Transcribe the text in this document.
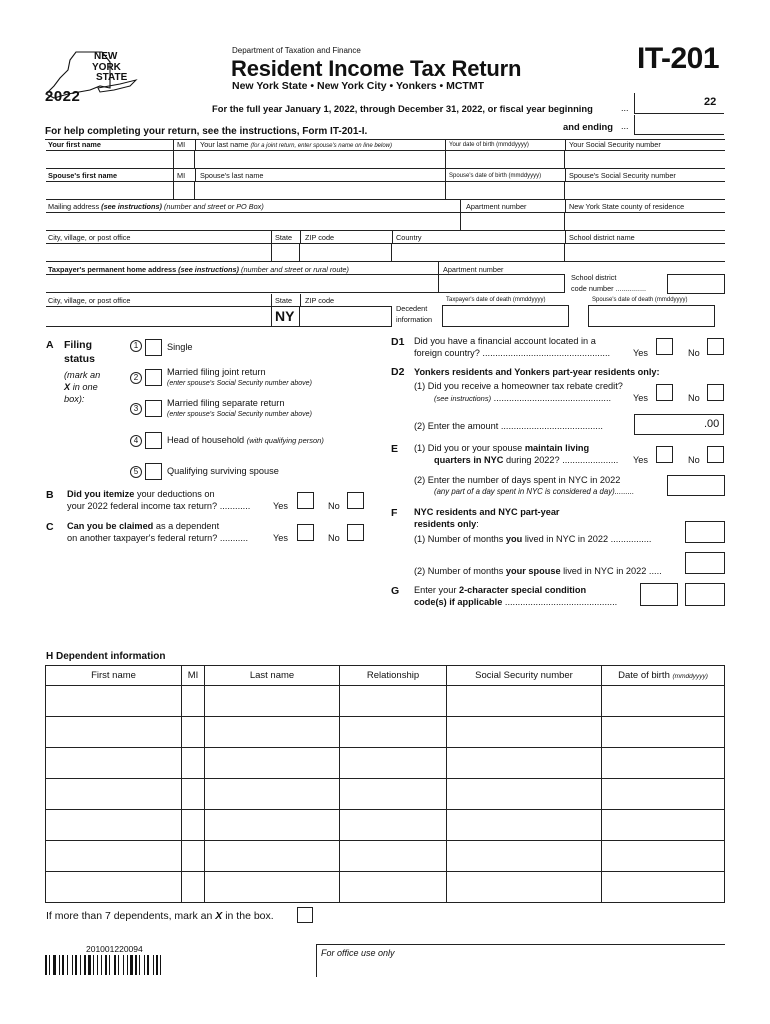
NEW
YORK
STATE
2022
Department of Taxation and Finance
Resident Income Tax Return
New York State • New York City • Yonkers • MCTMT
IT-201
For the full year January 1, 2022, through December 31, 2022, or fiscal year beginning	...	22
and ending ...
For help completing your return, see the instructions, Form IT-201-I.
Your first name	MI Your last name (for a joint return, enter spouse's name on line below)	Your date of birth (mmddyyyy)	Your Social Security number
Spouse's first name	MI Spouse's last name	Spouse's date of birth (mmddyyyy)	Spouse's Social Security number
Mailing address (see instructions) (number and street or PO Box)	Apartment number	New York State county of residence
City, village, or post office	State ZIP code	Country	School district name
Taxpayer's permanent home address (see instructions) (number and street or rural route)	Apartment number
School district
code number ...............
City, village, or post office	State ZIP code
NY	Decedent
information
Taxpayer's date of death (mmddyyyy)	Spouse's date of death (mmddyyyy)
A Filing
status
(mark an
X in one
box):
1	Single
2
Married filing joint return
(enter spouse's Social Security number above)
3
Married filing separate return
(enter spouse's Social Security number above)
4	Head of household (with qualifying person)
5	Qualifying surviving spouse
B Did you itemize your deductions on
your 2022 federal income tax return? ............ Yes	No
C Can you be claimed as a dependent
on another taxpayer's federal return? ...........	Yes	No
D1 Did you have a financial account located in a
foreign country? .................................................. Yes	No
D2 Yonkers residents and Yonkers part-year residents only:
(1) Did you receive a homeowner tax rebate credit?
(see instructions) .............................................. Yes	No
(2) Enter the amount ........................................	.00
E (1) Did you or your spouse maintain living
quarters in NYC during 2022? ...................... Yes	No
(2) Enter the number of days spent in NYC in 2022
(any part of a day spent in NYC is considered a day).........
F NYC residents and NYC part-year
residents only:
(1) Number of months you lived in NYC in 2022 ................
(2) Number of months your spouse lived in NYC in 2022 .....
G Enter your 2-character special condition
code(s) if applicable ............................................
H Dependent information
First name	MI	Last name	Relationship	Social Security number	Date of birth (mmddyyyy)

If more than 7 dependents, mark an X in the box.
201001220094	For office use only
